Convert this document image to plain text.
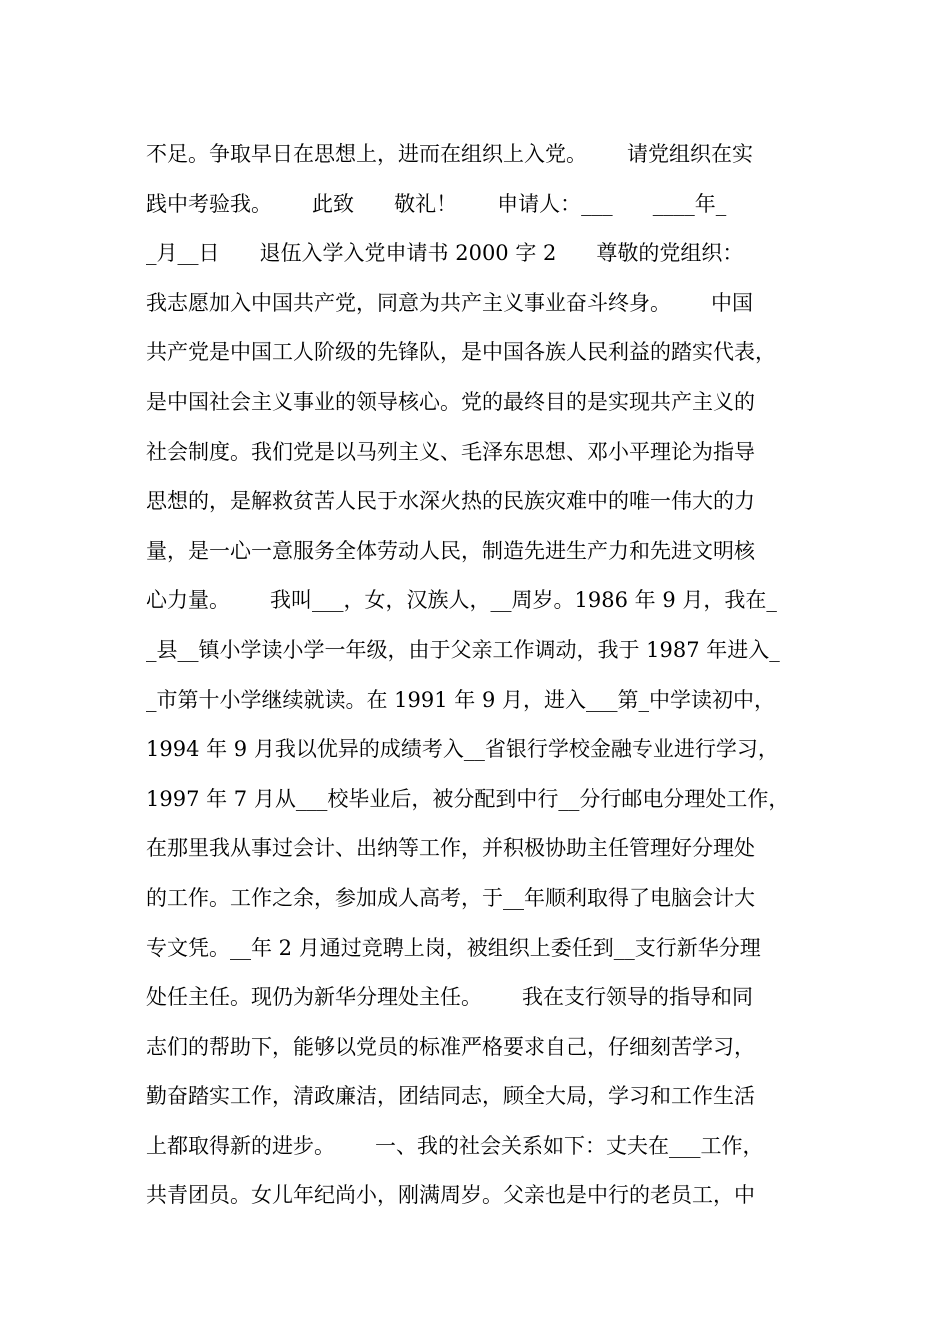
不足。争取早日在思想上，进而在组织上入党。      请党组织在实
践中考验我。      此致      敬礼！      申请人：___      ____年_
_月__日      退伍入学入党申请书 2000 字 2      尊敬的党组织：
我志愿加入中国共产党，同意为共产主义事业奋斗终身。      中国
共产党是中国工人阶级的先锋队，是中国各族人民利益的踏实代表，
是中国社会主义事业的领导核心。党的最终目的是实现共产主义的
社会制度。我们党是以马列主义、毛泽东思想、邓小平理论为指导
思想的，是解救贫苦人民于水深火热的民族灾难中的唯一伟大的力
量，是一心一意服务全体劳动人民，制造先进生产力和先进文明核
心力量。      我叫___，女，汉族人，__周岁。1986 年 9 月，我在_
_县__镇小学读小学一年级，由于父亲工作调动，我于 1987 年进入_
_市第十小学继续就读。在 1991 年 9 月，进入___第_中学读初中，
1994 年 9 月我以优异的成绩考入__省银行学校金融专业进行学习，
1997 年 7 月从___校毕业后，被分配到中行__分行邮电分理处工作，
在那里我从事过会计、出纳等工作，并积极协助主任管理好分理处
的工作。工作之余，参加成人高考，于__年顺利取得了电脑会计大
专文凭。__年 2 月通过竞聘上岗，被组织上委任到__支行新华分理
处任主任。现仍为新华分理处主任。      我在支行领导的指导和同
志们的帮助下，能够以党员的标准严格要求自己，仔细刻苦学习，
勤奋踏实工作，清政廉洁，团结同志，顾全大局，学习和工作生活
上都取得新的进步。      一、我的社会关系如下：丈夫在___工作，
共青团员。女儿年纪尚小，刚满周岁。父亲也是中行的老员工，中
